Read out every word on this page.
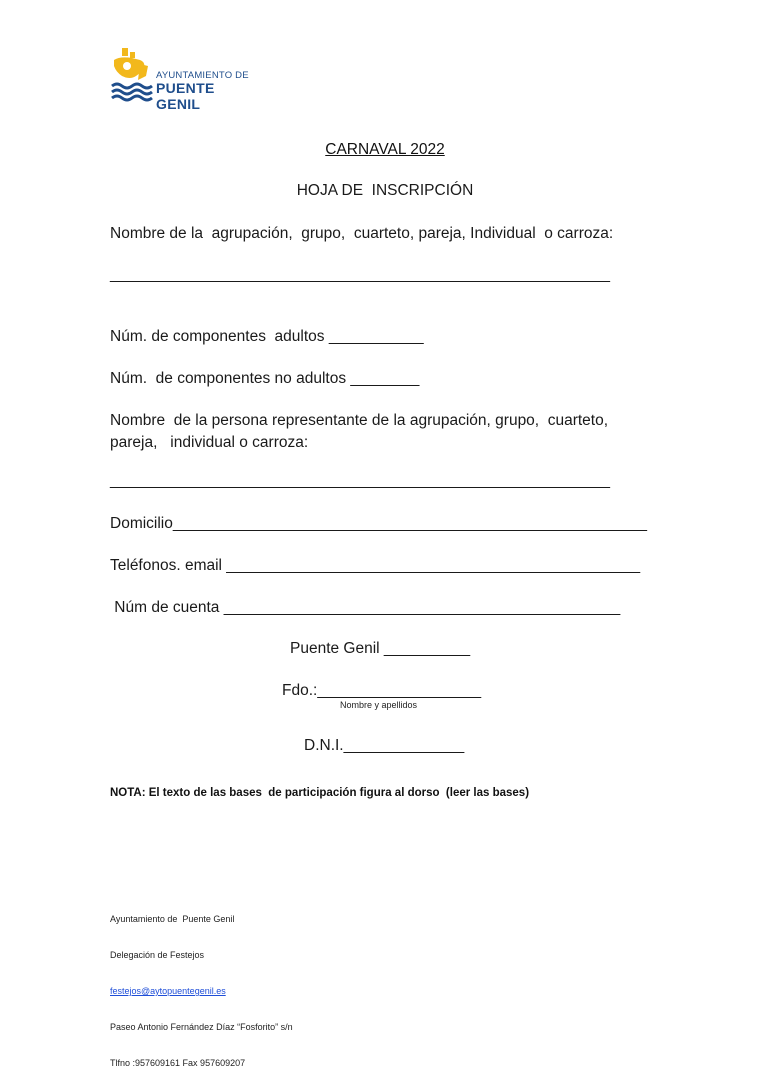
AYUNTAMIENTO DE
PUENTE GENIL
CARNAVAL 2022
HOJA DE  INSCRIPCIÓN
Nombre de la  agrupación,  grupo,  cuarteto, pareja, Individual  o carroza:
__________________________________________________________
Núm. de componentes  adultos ___________
Núm.  de componentes no adultos ________
Nombre  de la persona representante de la agrupación, grupo,  cuarteto,
pareja,   individual o carroza:
__________________________________________________________
Domicilio_______________________________________________________
Teléfonos. email ________________________________________________
Núm de cuenta ______________________________________________
Puente Genil __________
Fdo.:___________________
Nombre y apellidos
D.N.I.______________
NOTA: El texto de las bases  de participación figura al dorso  (leer las bases)

Ayuntamiento de  Puente Genil

Delegación de Festejos

festejos@aytopuentegenil.es

Paseo Antonio Fernández Díaz “Fosforito” s/n

Tlfno :957609161 Fax 957609207
